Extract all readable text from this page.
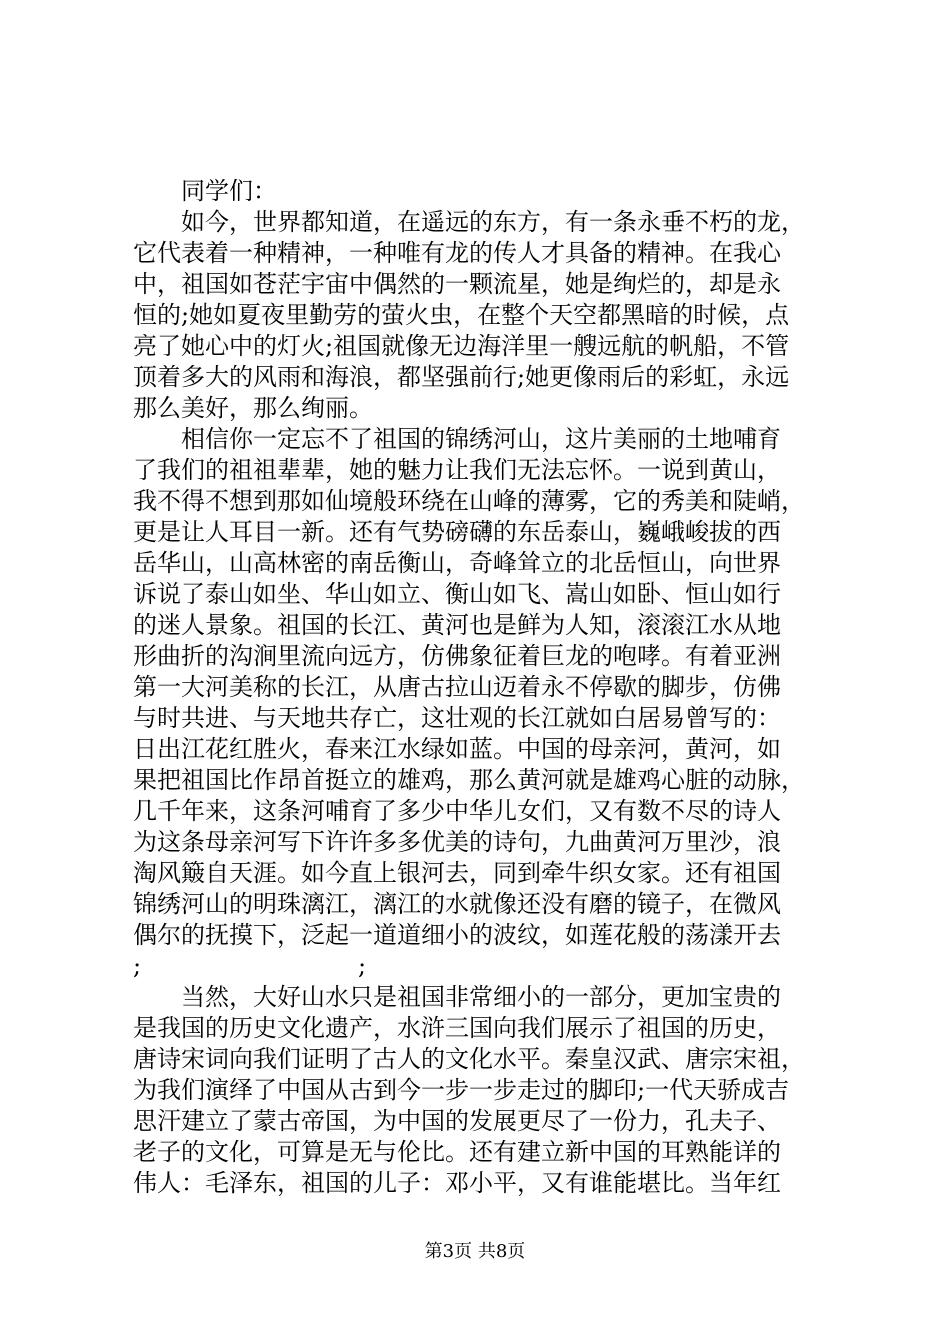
　　同学们：
　　如今，世界都知道，在遥远的东方，有一条永垂不朽的龙，
它代表着一种精神，一种唯有龙的传人才具备的精神。在我心
中，祖国如苍茫宇宙中偶然的一颗流星，她是绚烂的，却是永
恒的;她如夏夜里勤劳的萤火虫，在整个天空都黑暗的时候，点
亮了她心中的灯火;祖国就像无边海洋里一艘远航的帆船，不管
顶着多大的风雨和海浪，都坚强前行;她更像雨后的彩虹，永远
那么美好，那么绚丽。
　　相信你一定忘不了祖国的锦绣河山，这片美丽的土地哺育
了我们的祖祖辈辈，她的魅力让我们无法忘怀。一说到黄山，
我不得不想到那如仙境般环绕在山峰的薄雾，它的秀美和陡峭，
更是让人耳目一新。还有气势磅礴的东岳泰山，巍峨峻拔的西
岳华山，山高林密的南岳衡山，奇峰耸立的北岳恒山，向世界
诉说了泰山如坐、华山如立、衡山如飞、嵩山如卧、恒山如行
的迷人景象。祖国的长江、黄河也是鲜为人知，滚滚江水从地
形曲折的沟涧里流向远方，仿佛象征着巨龙的咆哮。有着亚洲
第一大河美称的长江，从唐古拉山迈着永不停歇的脚步，仿佛
与时共进、与天地共存亡，这壮观的长江就如白居易曾写的：
日出江花红胜火，春来江水绿如蓝。中国的母亲河，黄河，如
果把祖国比作昂首挺立的雄鸡，那么黄河就是雄鸡心脏的动脉，
几千年来，这条河哺育了多少中华儿女们，又有数不尽的诗人
为这条母亲河写下许许多多优美的诗句，九曲黄河万里沙，浪
淘风簸自天涯。如今直上银河去，同到牵牛织女家。还有祖国
锦绣河山的明珠漓江，漓江的水就像还没有磨的镜子，在微风
偶尔的抚摸下，泛起一道道细小的波纹，如莲花般的荡漾开去
;	;
　　当然，大好山水只是祖国非常细小的一部分，更加宝贵的
是我国的历史文化遗产，水浒三国向我们展示了祖国的历史，
唐诗宋词向我们证明了古人的文化水平。秦皇汉武、唐宗宋祖，
为我们演绎了中国从古到今一步一步走过的脚印;一代天骄成吉
思汗建立了蒙古帝国，为中国的发展更尽了一份力，孔夫子、
老子的文化，可算是无与伦比。还有建立新中国的耳熟能详的
伟人：毛泽东，祖国的儿子：邓小平，又有谁能堪比。当年红
第3页 共8页
